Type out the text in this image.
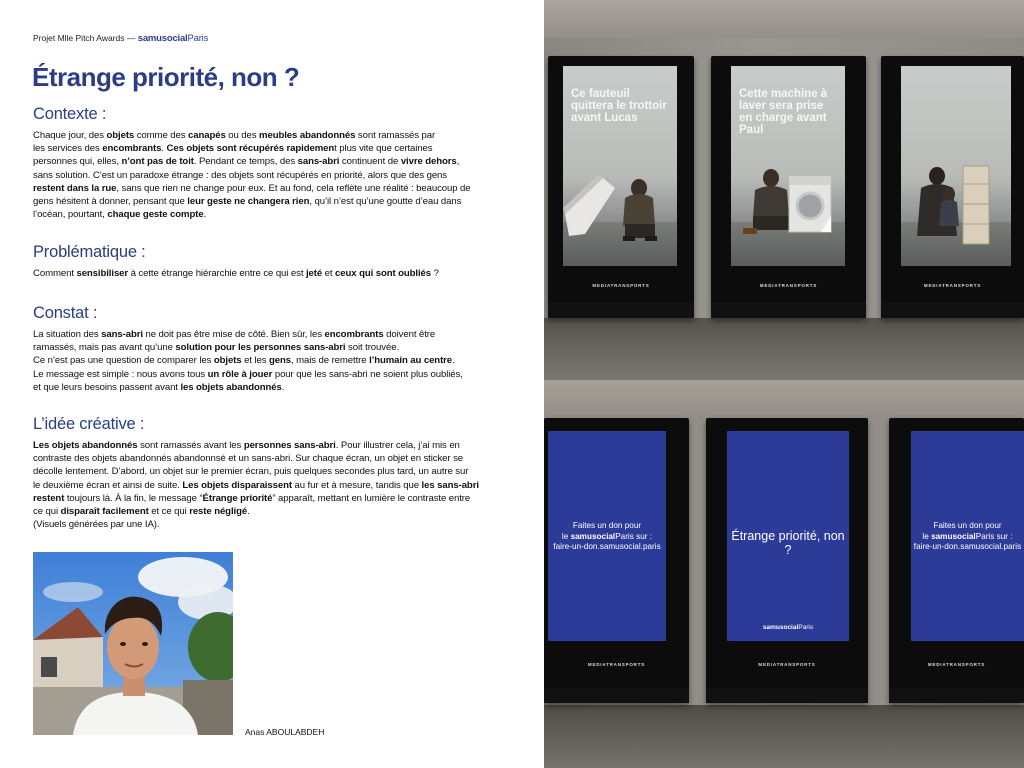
Projet Mlle Pitch Awards — samusocialParis
Étrange priorité, non ?
Contexte :

Chaque jour, des objets comme des canapés ou des meubles abandonnés sont ramassés par
les services des encombrants. Ces objets sont récupérés rapidement plus vite que certaines
personnes qui, elles, n’ont pas de toit. Pendant ce temps, des sans-abri continuent de vivre dehors,
sans solution. C’est un paradoxe étrange : des objets sont récupérés en priorité, alors que des gens
restent dans la rue, sans que rien ne change pour eux. Et au fond, cela reflète une réalité : beaucoup de
gens hésitent à donner, pensant que leur geste ne changera rien, qu’il n’est qu’une goutte d’eau dans
l’océan, pourtant, chaque geste compte.

Problématique :

Comment sensibiliser à cette étrange hiérarchie entre ce qui est jeté et ceux qui sont oubliés ?

Constat :

La situation des sans-abri ne doit pas être mise de côté. Bien sûr, les encombrants doivent être
ramassés, mais pas avant qu’une solution pour les personnes sans-abri soit trouvée.
Ce n’est pas une question de comparer les objets et les gens, mais de remettre l’humain au centre.
Le message est simple : nous avons tous un rôle à jouer pour que les sans-abri ne soient plus oubliés,
et que leurs besoins passent avant les objets abandonnés.

L’idée créative :

Les objets abandonnés sont ramassés avant les personnes sans-abri. Pour illustrer cela, j’ai mis en
contraste des objets abandonnés abandonnsé et un sans-abri. Sur chaque écran, un objet en sticker se
décolle lentement. D’abord, un objet sur le premier écran, puis quelques secondes plus tard, un autre sur
le deuxième écran et ainsi de suite. Les objets disparaissent au fur et à mesure, tandis que les sans-abri
restent toujours là. À la fin, le message “Étrange priorité” apparaît, mettant en lumière le contraste entre
ce qui disparaît facilement et ce qui reste négligé.
(Visuels générées par une IA).

Anas ABOULABDEH
Ce fauteuil quittera le trottoir avant Lucas
MEDIATRANSPORTS
Cette machine à laver sera prise en charge avant Paul
MEDIATRANSPORTS	MEDIATRANSPORTS
Faites un don pour
le samusocialParis sur :
faire-un-don.samusocial.paris
MEDIATRANSPORTS
Étrange priorité, non ?
samusocialParis
MEDIATRANSPORTS
Faites un don pour
le samusocialParis sur :
faire-un-don.samusocial.paris
MEDIATRANSPORTS
